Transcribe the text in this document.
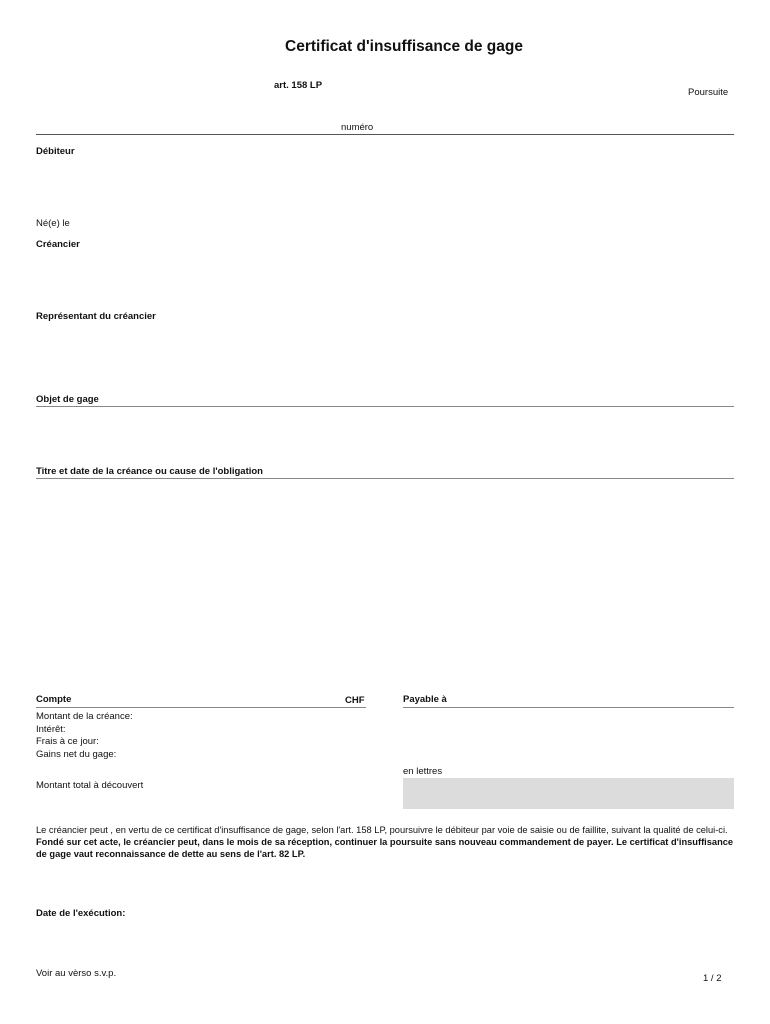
Certificat d'insuffisance de gage
art. 158 LP
Poursuite
numéro
Débiteur
Né(e) le
Créancier
Représentant du créancier
Objet de gage
Titre et date de la créance ou cause de l'obligation
Compte	CHF	Payable à
Montant de la créance:
Intérêt:
Frais à ce jour:
Gains net du gage:
en lettres
Montant total à découvert
Le créancier peut , en vertu de ce certificat d'insuffisance de gage, selon l'art. 158 LP, poursuivre le débiteur par voie de saisie ou de faillite, suivant la qualité de celui-ci. Fondé sur cet acte, le créancier peut, dans le mois de sa réception, continuer la poursuite sans nouveau commandement de payer. Le certificat d'insuffisance de gage vaut reconnaissance de dette au sens de l'art. 82 LP.
Date de l'exécution:
Voir au vèrso s.v.p.	1 / 2
